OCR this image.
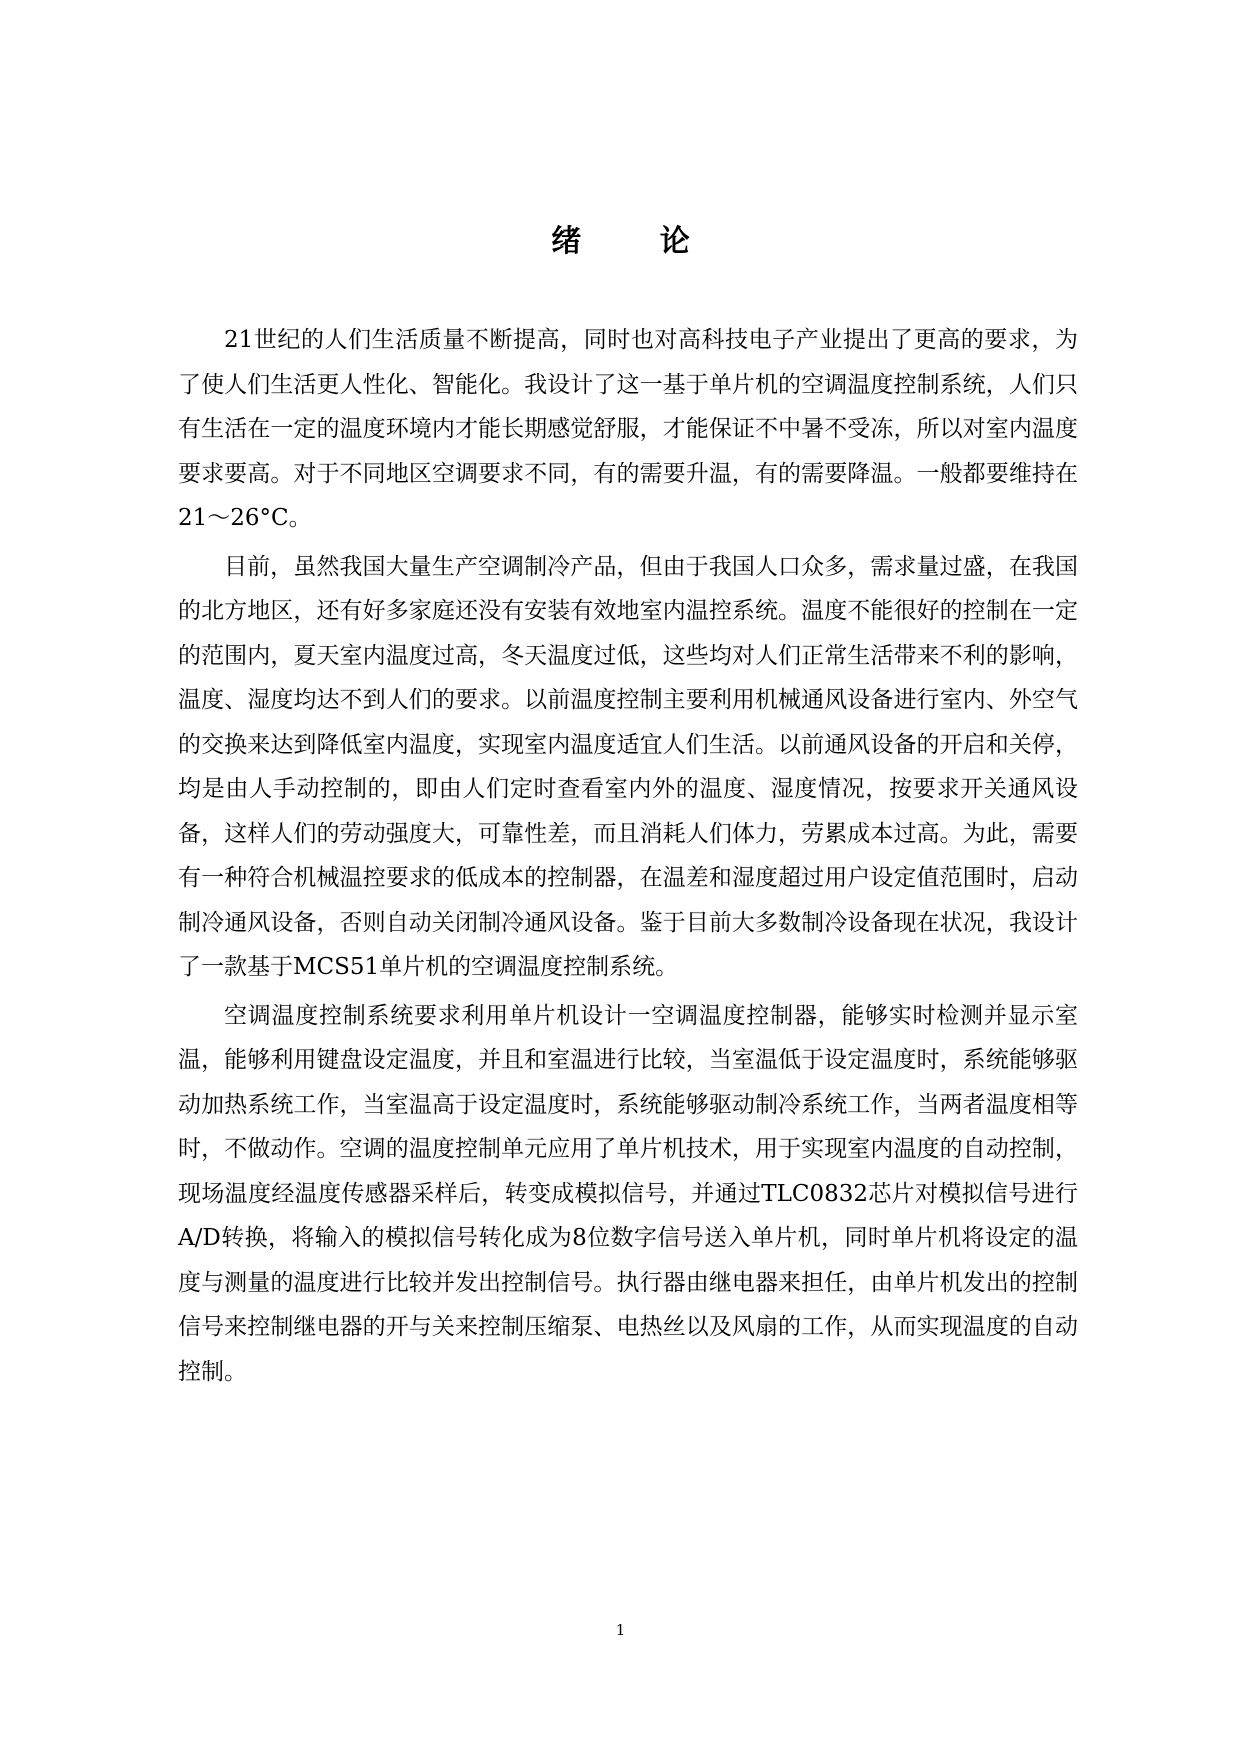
绪 论

21世纪的人们生活质量不断提高，同时也对高科技电子产业提出了更高的要求，为了使人们生活更人性化、智能化。我设计了这一基于单片机的空调温度控制系统，人们只有生活在一定的温度环境内才能长期感觉舒服，才能保证不中暑不受冻，所以对室内温度要求要高。对于不同地区空调要求不同，有的需要升温，有的需要降温。一般都要维持在21～26°C。

目前，虽然我国大量生产空调制冷产品，但由于我国人口众多，需求量过盛，在我国的北方地区，还有好多家庭还没有安装有效地室内温控系统。温度不能很好的控制在一定的范围内，夏天室内温度过高，冬天温度过低，这些均对人们正常生活带来不利的影响，温度、湿度均达不到人们的要求。以前温度控制主要利用机械通风设备进行室内、外空气的交换来达到降低室内温度，实现室内温度适宜人们生活。以前通风设备的开启和关停，均是由人手动控制的，即由人们定时查看室内外的温度、湿度情况，按要求开关通风设备，这样人们的劳动强度大，可靠性差，而且消耗人们体力，劳累成本过高。为此，需要有一种符合机械温控要求的低成本的控制器，在温差和湿度超过用户设定值范围时，启动制冷通风设备，否则自动关闭制冷通风设备。鉴于目前大多数制冷设备现在状况，我设计了一款基于MCS51单片机的空调温度控制系统。

空调温度控制系统要求利用单片机设计一空调温度控制器，能够实时检测并显示室温，能够利用键盘设定温度，并且和室温进行比较，当室温低于设定温度时，系统能够驱动加热系统工作，当室温高于设定温度时，系统能够驱动制冷系统工作，当两者温度相等时，不做动作。空调的温度控制单元应用了单片机技术，用于实现室内温度的自动控制，现场温度经温度传感器采样后，转变成模拟信号，并通过TLC0832芯片对模拟信号进行A/D转换，将输入的模拟信号转化成为8位数字信号送入单片机，同时单片机将设定的温度与测量的温度进行比较并发出控制信号。执行器由继电器来担任，由单片机发出的控制信号来控制继电器的开与关来控制压缩泵、电热丝以及风扇的工作，从而实现温度的自动控制。

1
